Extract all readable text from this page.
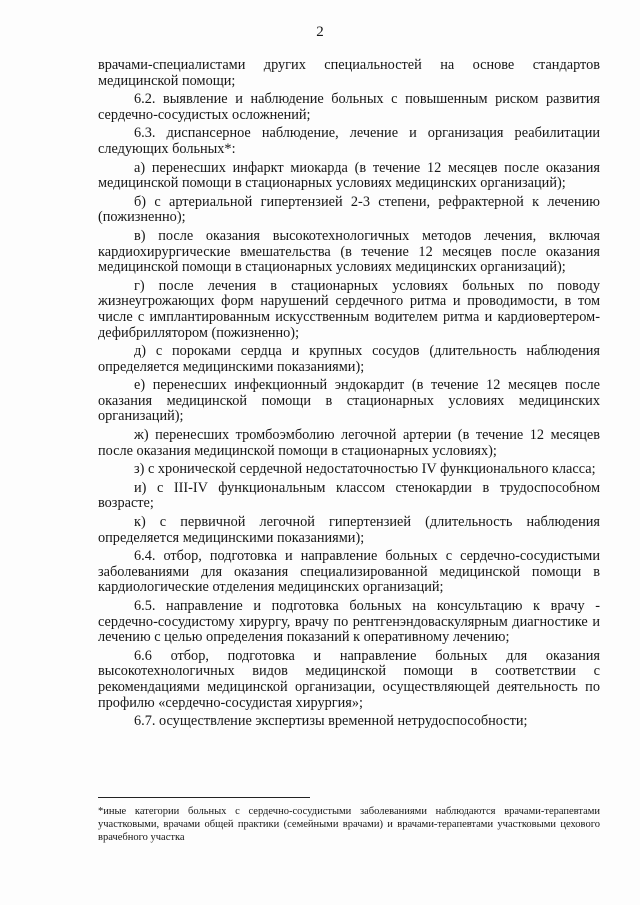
2

врачами-специалистами других специальностей на основе стандартов медицинской помощи;

6.2. выявление и наблюдение больных с повышенным риском развития сердечно-сосудистых осложнений;

6.3. диспансерное наблюдение, лечение и организация реабилитации следующих больных*:

а) перенесших инфаркт миокарда (в течение 12 месяцев после оказания медицинской помощи в стационарных условиях медицинских организаций);

б) с артериальной гипертензией 2-3 степени, рефрактерной к лечению (пожизненно);

в) после оказания высокотехнологичных методов лечения, включая кардиохирургические вмешательства (в течение 12 месяцев после оказания медицинской помощи в стационарных условиях медицинских организаций);

г) после лечения в стационарных условиях больных по поводу жизнеугрожающих форм нарушений сердечного ритма и проводимости, в том числе с имплантированным искусственным водителем ритма и кардиовертером-дефибриллятором (пожизненно);

д) с пороками сердца и крупных сосудов (длительность наблюдения определяется медицинскими показаниями);

е) перенесших инфекционный эндокардит (в течение 12 месяцев после оказания медицинской помощи в стационарных условиях медицинских организаций);

ж) перенесших тромбоэмболию легочной артерии (в течение 12 месяцев после оказания медицинской помощи в стационарных условиях);

з) с хронической сердечной недостаточностью IV функционального класса;

и) с III-IV функциональным классом стенокардии в трудоспособном возрасте;

к) с первичной легочной гипертензией (длительность наблюдения определяется медицинскими показаниями);

6.4. отбор, подготовка и направление больных с сердечно-сосудистыми заболеваниями для оказания специализированной медицинской помощи в кардиологические отделения медицинских организаций;

6.5. направление и подготовка больных на консультацию к врачу - сердечно-сосудистому хирургу, врачу по рентгенэндоваскулярным диагностике и лечению с целью определения показаний к оперативному лечению;

6.6 отбор, подготовка и направление больных для оказания высокотехнологичных видов медицинской помощи в соответствии с рекомендациями медицинской организации, осуществляющей деятельность по профилю «сердечно-сосудистая хирургия»;

6.7. осуществление экспертизы временной нетрудоспособности;

*иные категории больных с сердечно-сосудистыми заболеваниями наблюдаются врачами-терапевтами участковыми, врачами общей практики (семейными врачами) и врачами-терапевтами участковыми цехового врачебного участка
